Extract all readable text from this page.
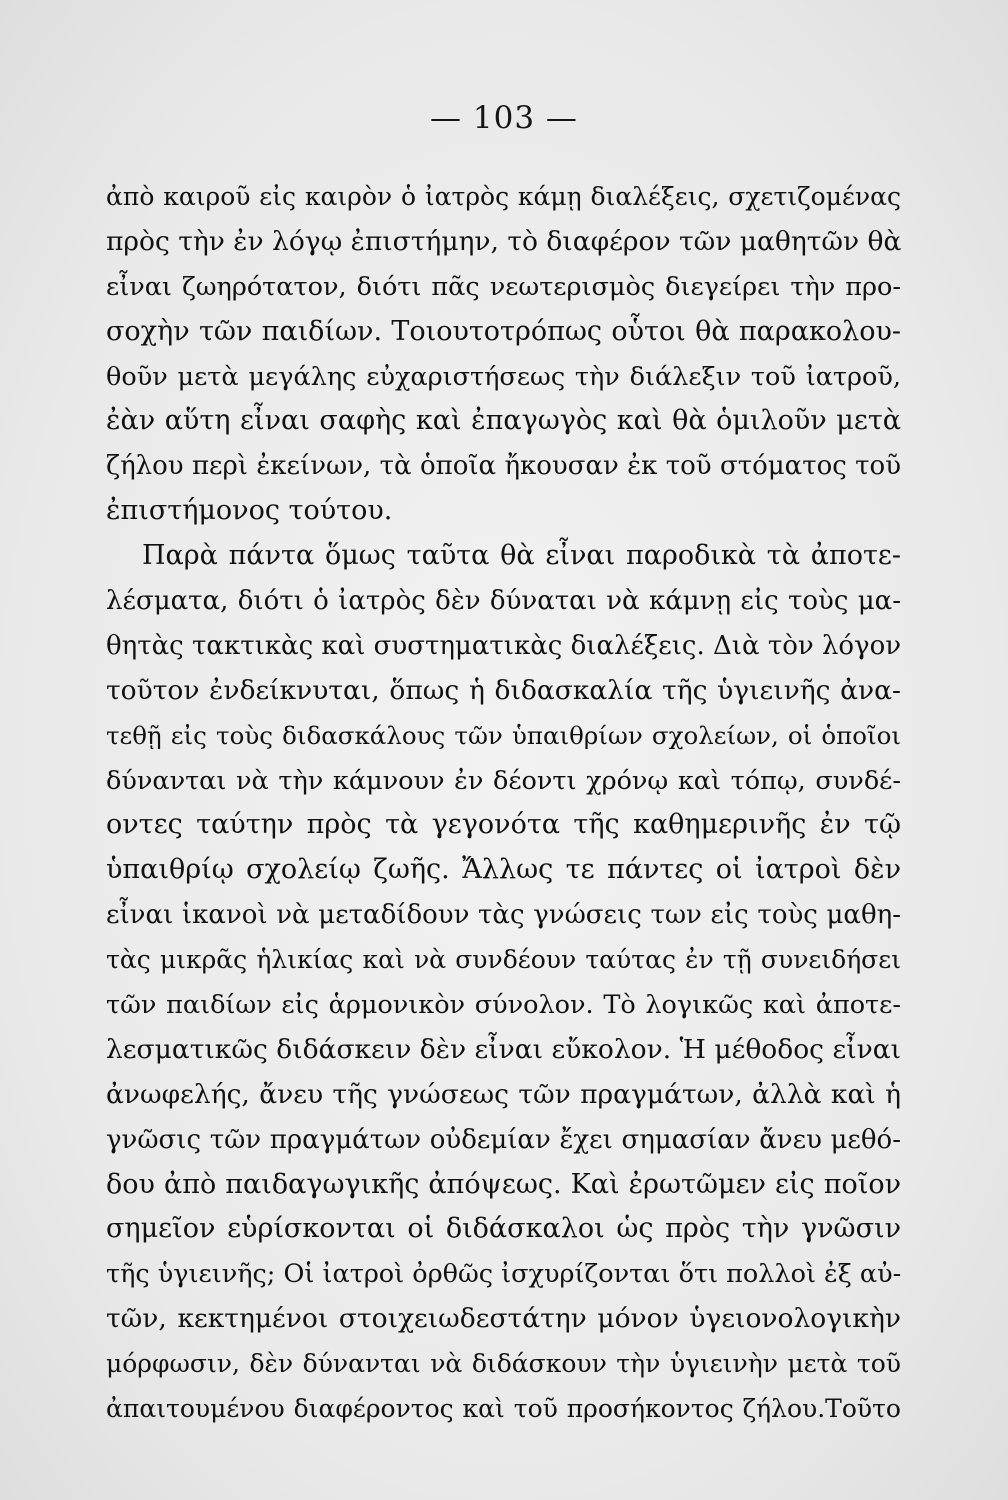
— 103 —
ἀπὸ καιροῦ εἰς καιρὸν ὁ ἰατρὸς κάμῃ διαλέξεις, σχετιζομένας
πρὸς τὴν ἐν λόγῳ ἐπιστήμην, τὸ διαφέρον τῶν μαθητῶν θὰ
εἶναι ζωηρότατον, διότι πᾶς νεωτερισμὸς διεγείρει τὴν προ-
σοχὴν τῶν παιδίων. Τοιουτοτρόπως οὗτοι θὰ παρακολου-
θοῦν μετὰ μεγάλης εὐχαριστήσεως τὴν διάλεξιν τοῦ ἰατροῦ,
ἐὰν αὕτη εἶναι σαφὴς καὶ ἐπαγωγὸς καὶ θὰ ὁμιλοῦν μετὰ
ζήλου περὶ ἐκείνων, τὰ ὁποῖα ἤκουσαν ἐκ τοῦ στόματος τοῦ
ἐπιστήμονος τούτου.
Παρὰ πάντα ὅμως ταῦτα θὰ εἶναι παροδικὰ τὰ ἀποτε-
λέσματα, διότι ὁ ἰατρὸς δὲν δύναται νὰ κάμνῃ εἰς τοὺς μα-
θητὰς τακτικὰς καὶ συστηματικὰς διαλέξεις. Διὰ τὸν λόγον
τοῦτον ἐνδείκνυται, ὅπως ἡ διδασκαλία τῆς ὑγιεινῆς ἀνα-
τεθῇ εἰς τοὺς διδασκάλους τῶν ὑπαιθρίων σχολείων, οἱ ὁποῖοι
δύνανται νὰ τὴν κάμνουν ἐν δέοντι χρόνῳ καὶ τόπῳ, συνδέ-
οντες ταύτην πρὸς τὰ γεγονότα τῆς καθημερινῆς ἐν τῷ
ὑπαιθρίῳ σχολείῳ ζωῆς. Ἄλλως τε πάντες οἱ ἰατροὶ δὲν
εἶναι ἱκανοὶ νὰ μεταδίδουν τὰς γνώσεις των εἰς τοὺς μαθη-
τὰς μικρᾶς ἡλικίας καὶ νὰ συνδέουν ταύτας ἐν τῇ συνειδήσει
τῶν παιδίων εἰς ἁρμονικὸν σύνολον. Τὸ λογικῶς καὶ ἀποτε-
λεσματικῶς διδάσκειν δὲν εἶναι εὔκολον. Ἡ μέθοδος εἶναι
ἀνωφελής, ἄνευ τῆς γνώσεως τῶν πραγμάτων, ἀλλὰ καὶ ἡ
γνῶσις τῶν πραγμάτων οὐδεμίαν ἔχει σημασίαν ἄνευ μεθό-
δου ἀπὸ παιδαγωγικῆς ἀπόψεως. Καὶ ἐρωτῶμεν εἰς ποῖον
σημεῖον εὑρίσκονται οἱ διδάσκαλοι ὡς πρὸς τὴν γνῶσιν
τῆς ὑγιεινῆς; Οἱ ἰατροὶ ὀρθῶς ἰσχυρίζονται ὅτι πολλοὶ ἐξ αὐ-
τῶν, κεκτημένοι στοιχειωδεστάτην μόνον ὑγειονολογικὴν
μόρφωσιν, δὲν δύνανται νὰ διδάσκουν τὴν ὑγιεινὴν μετὰ τοῦ
ἀπαιτουμένου διαφέροντος καὶ τοῦ προσήκοντος ζήλου.Τοῦτο
